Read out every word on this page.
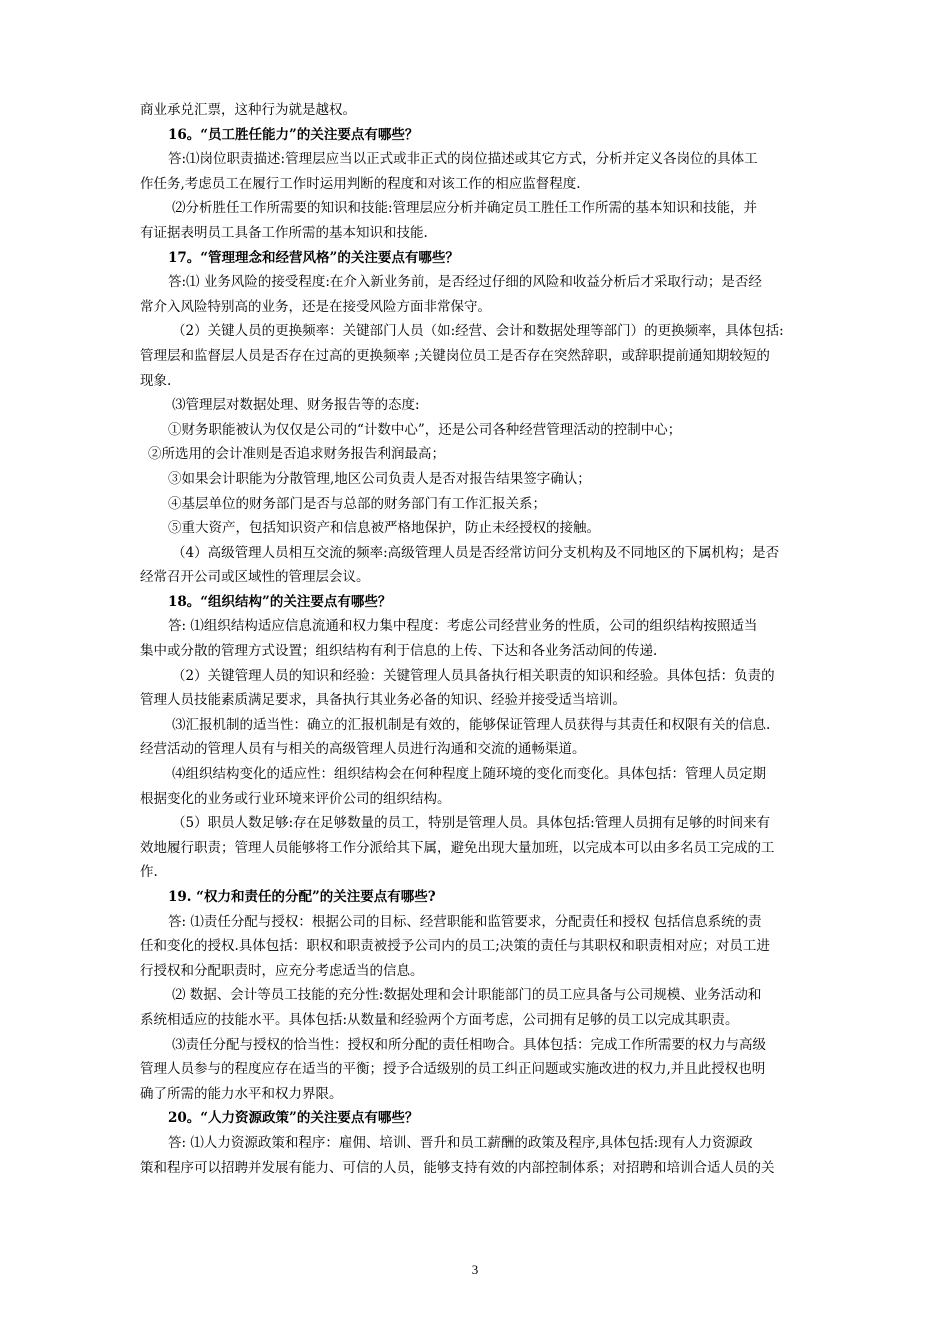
商业承兑汇票，这种行为就是越权。
16。“员工胜任能力”的关注要点有哪些？
答:⑴岗位职责描述:管理层应当以正式或非正式的岗位描述或其它方式，分析并定义各岗位的具体工
作任务,考虑员工在履行工作时运用判断的程度和对该工作的相应监督程度.
⑵分析胜任工作所需要的知识和技能:管理层应分析并确定员工胜任工作所需的基本知识和技能，并
有证据表明员工具备工作所需的基本知识和技能.
17。“管理理念和经营风格”的关注要点有哪些？
答:⑴ 业务风险的接受程度:在介入新业务前，是否经过仔细的风险和收益分析后才采取行动；是否经
常介入风险特别高的业务，还是在接受风险方面非常保守。
（2）关键人员的更换频率：关键部门人员（如:经营、会计和数据处理等部门）的更换频率，具体包括:
管理层和监督层人员是否存在过高的更换频率 ;关键岗位员工是否存在突然辞职，或辞职提前通知期较短的
现象.
⑶管理层对数据处理、财务报告等的态度:
①财务职能被认为仅仅是公司的“计数中心”，还是公司各种经营管理活动的控制中心；
②所选用的会计准则是否追求财务报告利润最高；
③如果会计职能为分散管理,地区公司负责人是否对报告结果签字确认；
④基层单位的财务部门是否与总部的财务部门有工作汇报关系；
⑤重大资产，包括知识资产和信息被严格地保护，防止未经授权的接触。
（4）高级管理人员相互交流的频率:高级管理人员是否经常访问分支机构及不同地区的下属机构；是否
经常召开公司或区域性的管理层会议。
18。“组织结构”的关注要点有哪些？
答: ⑴组织结构适应信息流通和权力集中程度：考虑公司经营业务的性质，公司的组织结构按照适当
集中或分散的管理方式设置；组织结构有利于信息的上传、下达和各业务活动间的传递.
（2）关键管理人员的知识和经验：关键管理人员具备执行相关职责的知识和经验。具体包括：负责的
管理人员技能素质满足要求，具备执行其业务必备的知识、经验并接受适当培训。
⑶汇报机制的适当性：确立的汇报机制是有效的，能够保证管理人员获得与其责任和权限有关的信息.
经营活动的管理人员有与相关的高级管理人员进行沟通和交流的通畅渠道。
⑷组织结构变化的适应性：组织结构会在何种程度上随环境的变化而变化。具体包括：管理人员定期
根据变化的业务或行业环境来评价公司的组织结构。
（5）职员人数足够:存在足够数量的员工，特别是管理人员。具体包括:管理人员拥有足够的时间来有
效地履行职责；管理人员能够将工作分派给其下属，避免出现大量加班，以完成本可以由多名员工完成的工
作.
19. “权力和责任的分配”的关注要点有哪些?
答: ⑴责任分配与授权：根据公司的目标、经营职能和监管要求，分配责任和授权 包括信息系统的责
任和变化的授权.具体包括：职权和职责被授予公司内的员工;决策的责任与其职权和职责相对应；对员工进
行授权和分配职责时，应充分考虑适当的信息。
⑵ 数据、会计等员工技能的充分性:数据处理和会计职能部门的员工应具备与公司规模、业务活动和
系统相适应的技能水平。具体包括:从数量和经验两个方面考虑，公司拥有足够的员工以完成其职责。
⑶责任分配与授权的恰当性：授权和所分配的责任相吻合。具体包括：完成工作所需要的权力与高级
管理人员参与的程度应存在适当的平衡；授予合适级别的员工纠正问题或实施改进的权力,并且此授权也明
确了所需的能力水平和权力界限。
20。“人力资源政策”的关注要点有哪些？
答: ⑴人力资源政策和程序：雇佣、培训、晋升和员工薪酬的政策及程序,具体包括:现有人力资源政
策和程序可以招聘并发展有能力、可信的人员，能够支持有效的内部控制体系；对招聘和培训合适人员的关
3
